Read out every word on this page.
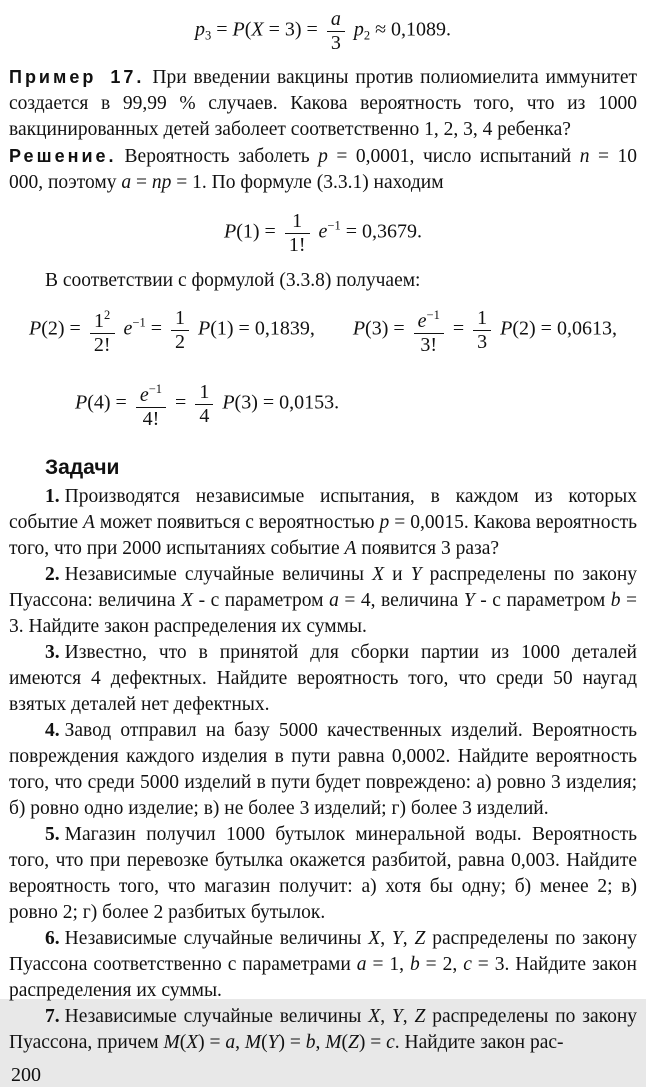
$p_3 = P(X = 3) = \frac{a}{3} p_2 \approx 0,1089$.

Пример 17. При введении вакцины против полиомиелита иммунитет создается в 99,99 % случаев. Какова вероятность того, что из 1000 вакцинированных детей заболеет соответственно 1, 2, 3, 4 ребенка?

Решение. Вероятность заболеть p = 0,0001, число испытаний n = 10 000, поэтому a = np = 1. По формуле (3.3.1) находим

$P(1) = \frac{1}{1!} e^{-1} = 0,3679$.

В соответствии с формулой (3.3.8) получаем:

$P(2) = \frac{1^2}{2!} e^{-1} = \frac{1}{2} P(1) = 0,1839$, $P(3) = \frac{e^{-1}}{3!} = \frac{1}{3} P(2) = 0,0613$,
$P(4) = \frac{e^{-1}}{4!} = \frac{1}{4} P(3) = 0,0153$.
Задачи

1. Производятся независимые испытания, в каждом из которых событие A может появиться с вероятностью p = 0,0015. Какова вероятность того, что при 2000 испытаниях событие A появится 3 раза?

2. Независимые случайные величины X и Y распределены по закону Пуассона: величина X - с параметром a = 4, величина Y - с параметром b = 3. Найдите закон распределения их суммы.

3. Известно, что в принятой для сборки партии из 1000 деталей имеются 4 дефектных. Найдите вероятность того, что среди 50 наугад взятых деталей нет дефектных.

4. Завод отправил на базу 5000 качественных изделий. Вероятность повреждения каждого изделия в пути равна 0,0002. Найдите вероятность того, что среди 5000 изделий в пути будет повреждено: а) ровно 3 изделия; б) ровно одно изделие; в) не более 3 изделий; г) более 3 изделий.

5. Магазин получил 1000 бутылок минеральной воды. Вероятность того, что при перевозке бутылка окажется разбитой, равна 0,003. Найдите вероятность того, что магазин получит: а) хотя бы одну; б) менее 2; в) ровно 2; г) более 2 разбитых бутылок.

6. Независимые случайные величины X, Y, Z распределены по закону Пуассона соответственно с параметрами a = 1, b = 2, c = 3. Найдите закон распределения их суммы.

7. Независимые случайные величины X, Y, Z распределены по закону Пуассона, причем M(X) = a, M(Y) = b, M(Z) = c. Найдите закон рас-

200
